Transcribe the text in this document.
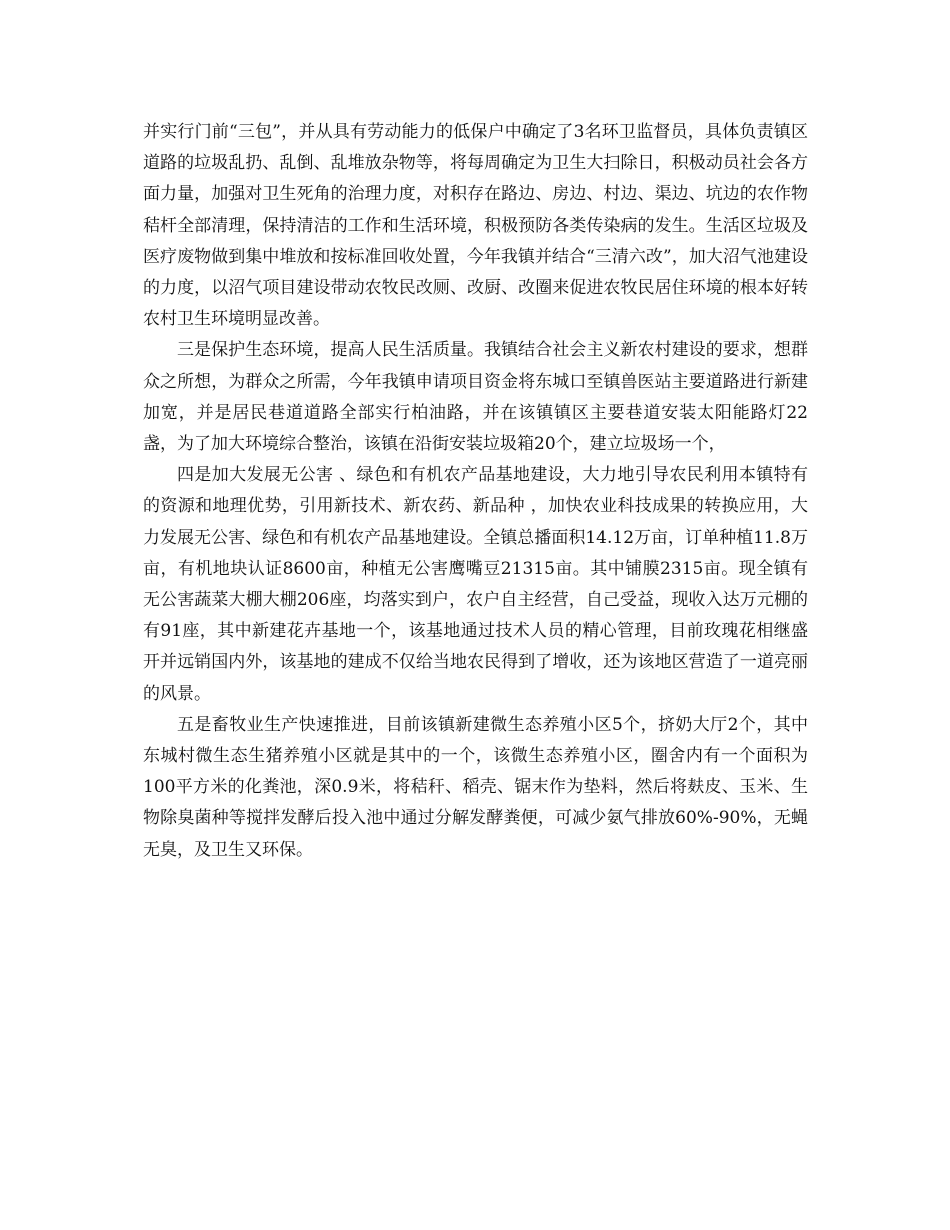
并实行门前“三包”，并从具有劳动能力的低保户中确定了3名环卫监督员，具体负责镇区道路的垃圾乱扔、乱倒、乱堆放杂物等，将每周确定为卫生大扫除日，积极动员社会各方面力量，加强对卫生死角的治理力度，对积存在路边、房边、村边、渠边、坑边的农作物秸杆全部清理，保持清洁的工作和生活环境，积极预防各类传染病的发生。生活区垃圾及医疗废物做到集中堆放和按标准回收处置，今年我镇并结合“三清六改”，加大沼气池建设的力度，以沼气项目建设带动农牧民改厕、改厨、改圈来促进农牧民居住环境的根本好转农村卫生环境明显改善。

三是保护生态环境，提高人民生活质量。我镇结合社会主义新农村建设的要求，想群众之所想，为群众之所需，今年我镇申请项目资金将东城口至镇兽医站主要道路进行新建加宽，并是居民巷道道路全部实行柏油路，并在该镇镇区主要巷道安装太阳能路灯22盏，为了加大环境综合整治，该镇在沿街安装垃圾箱20个，建立垃圾场一个，

四是加大发展无公害 、绿色和有机农产品基地建设，大力地引导农民利用本镇特有的资源和地理优势，引用新技术、新农药、新品种 ，加快农业科技成果的转换应用，大力发展无公害、绿色和有机农产品基地建设。全镇总播面积14.12万亩，订单种植11.8万亩，有机地块认证8600亩，种植无公害鹰嘴豆21315亩。其中铺膜2315亩。现全镇有无公害蔬菜大棚大棚206座，均落实到户，农户自主经营，自己受益，现收入达万元棚的有91座，其中新建花卉基地一个，该基地通过技术人员的精心管理，目前玫瑰花相继盛开并远销国内外，该基地的建成不仅给当地农民得到了增收，还为该地区营造了一道亮丽的风景。

五是畜牧业生产快速推进，目前该镇新建微生态养殖小区5个，挤奶大厅2个，其中东城村微生态生猪养殖小区就是其中的一个，该微生态养殖小区，圈舍内有一个面积为100平方米的化粪池，深0.9米，将秸秆、稻壳、锯末作为垫料，然后将麸皮、玉米、生物除臭菌种等搅拌发酵后投入池中通过分解发酵粪便，可减少氨气排放60%-90%，无蝇无臭，及卫生又环保。
